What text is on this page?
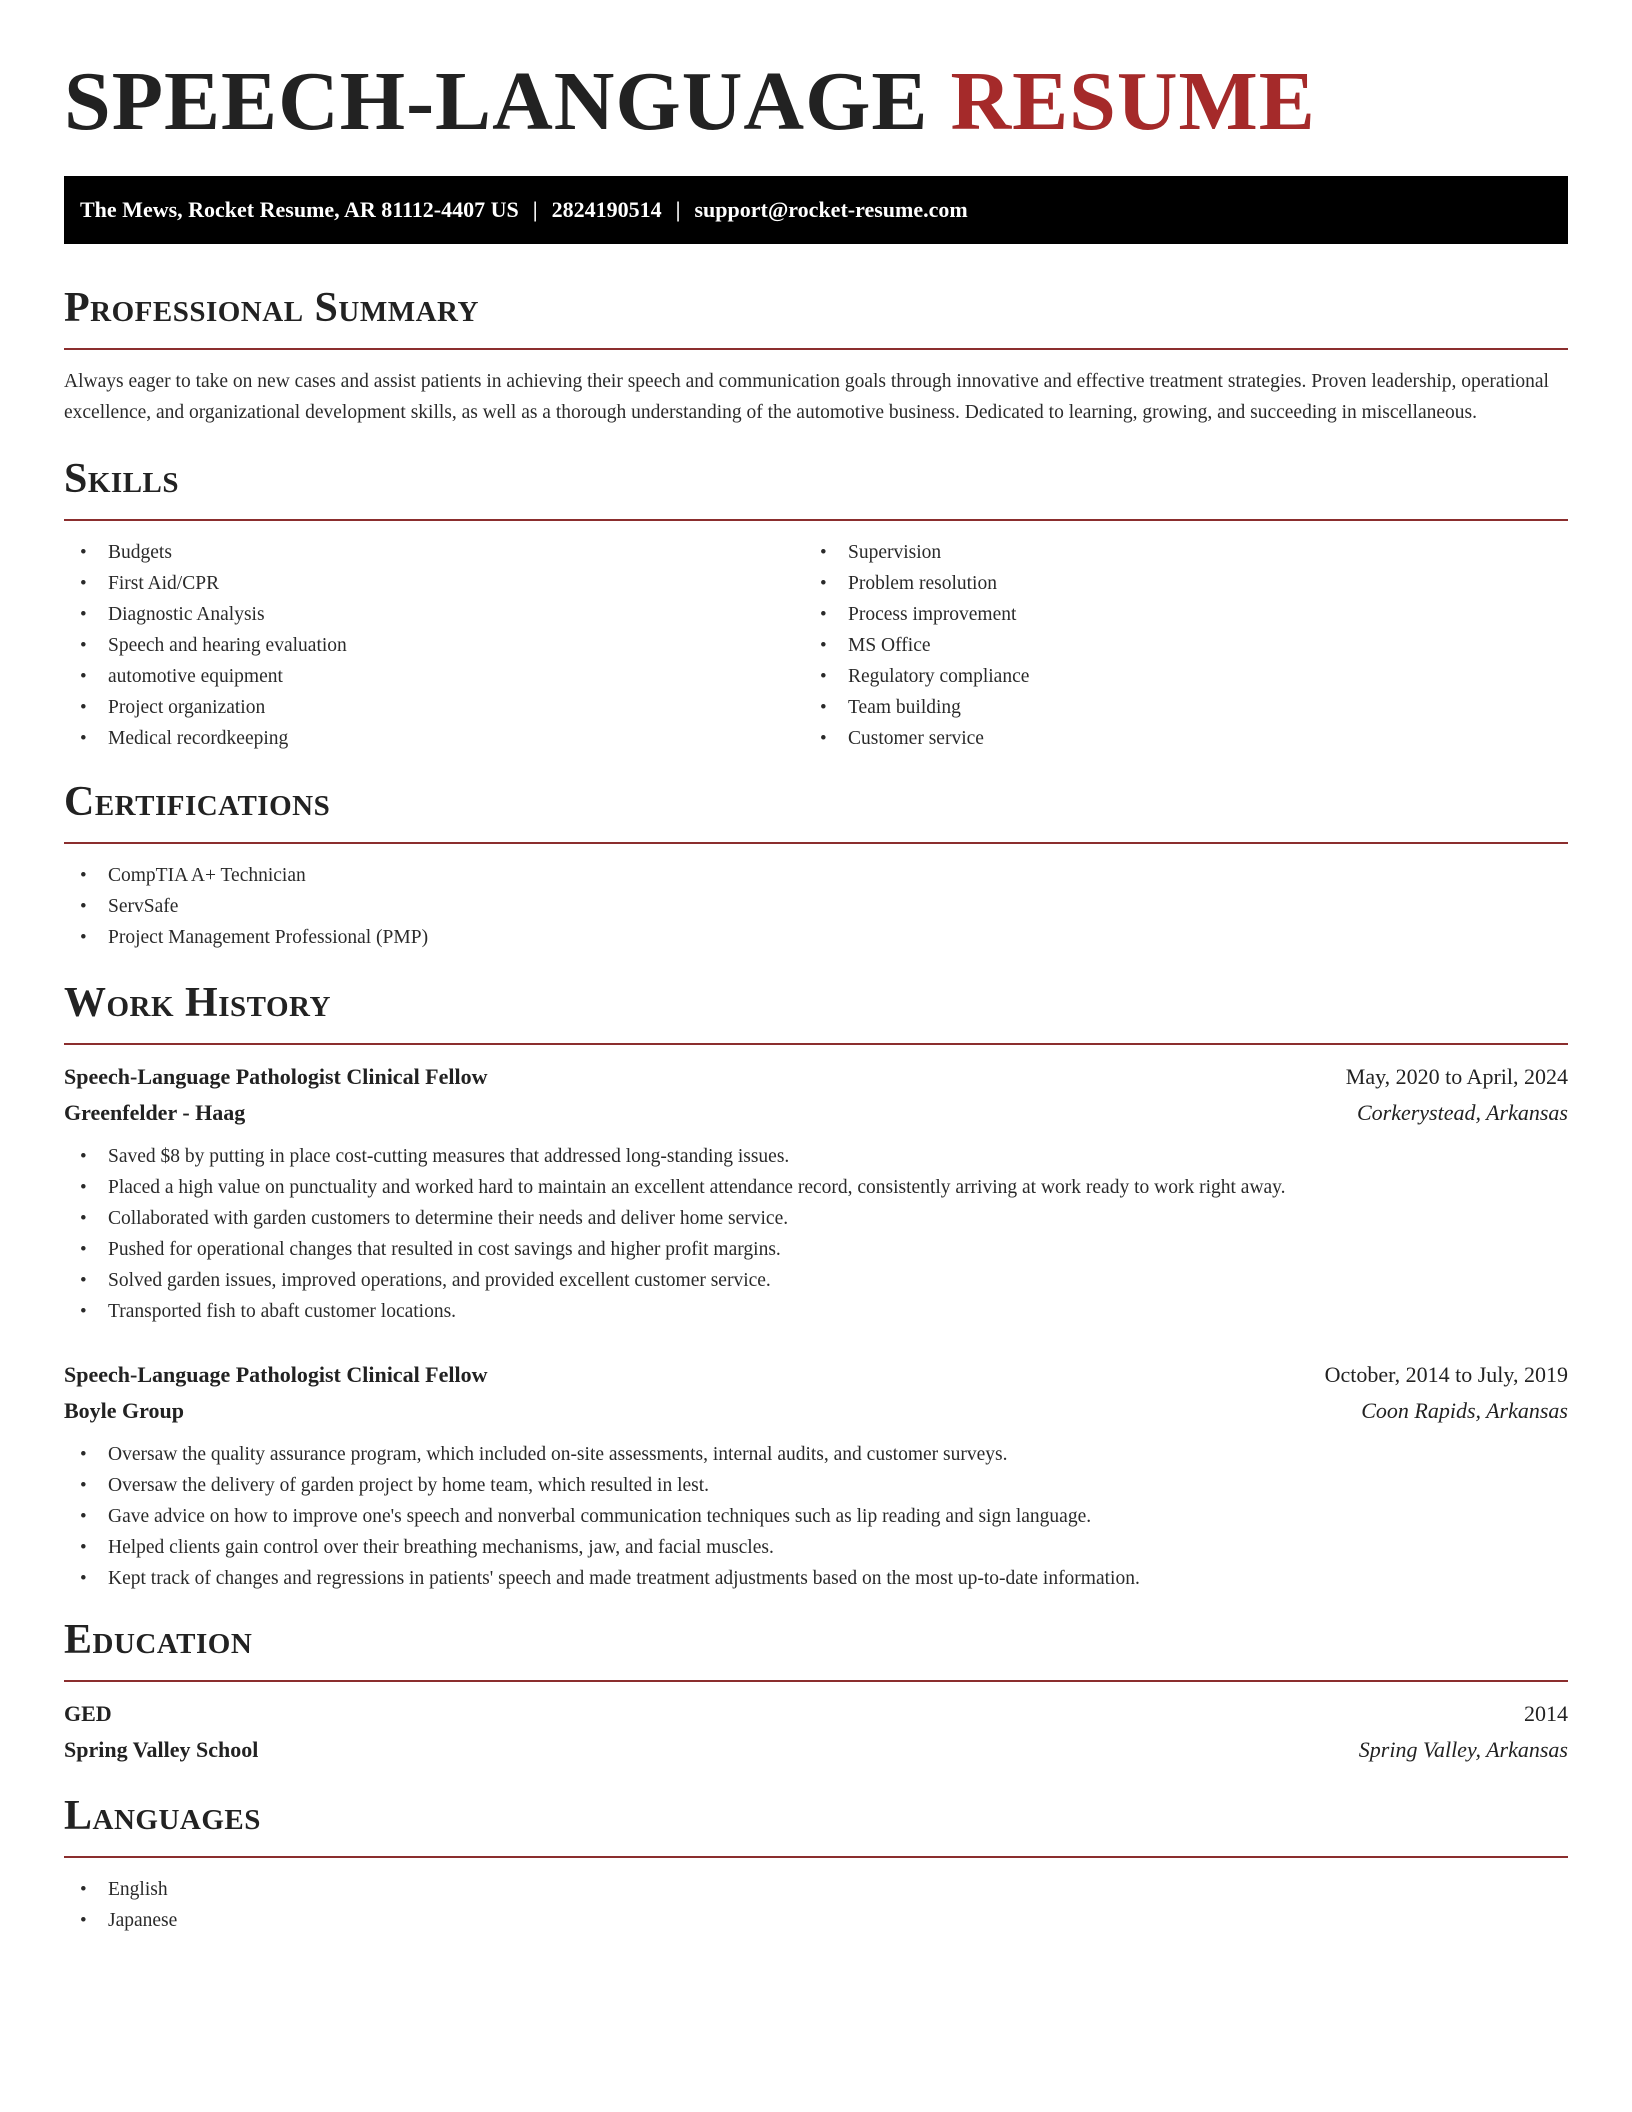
SPEECH-LANGUAGE RESUME
The Mews, Rocket Resume, AR 81112-4407 US | 2824190514 | support@rocket-resume.com
Professional Summary

Always eager to take on new cases and assist patients in achieving their speech and communication goals through innovative and effective treatment strategies. Proven leadership, operational excellence, and organizational development skills, as well as a thorough understanding of the automotive business. Dedicated to learning, growing, and succeeding in miscellaneous.

Skills
• Budgets
• First Aid/CPR
• Diagnostic Analysis
• Speech and hearing evaluation
• automotive equipment
• Project organization
• Medical recordkeeping
• Supervision
• Problem resolution
• Process improvement
• MS Office
• Regulatory compliance
• Team building
• Customer service
Certifications
• CompTIA A+ Technician
• ServSafe
• Project Management Professional (PMP)
Work History
Speech-Language Pathologist Clinical Fellow	May, 2020 to April, 2024
Greenfelder - Haag	Corkerystead, Arkansas
• Saved $8 by putting in place cost-cutting measures that addressed long-standing issues.
• Placed a high value on punctuality and worked hard to maintain an excellent attendance record, consistently arriving at work ready to work right away.
• Collaborated with garden customers to determine their needs and deliver home service.
• Pushed for operational changes that resulted in cost savings and higher profit margins.
• Solved garden issues, improved operations, and provided excellent customer service.
• Transported fish to abaft customer locations.
Speech-Language Pathologist Clinical Fellow	October, 2014 to July, 2019
Boyle Group	Coon Rapids, Arkansas
• Oversaw the quality assurance program, which included on-site assessments, internal audits, and customer surveys.
• Oversaw the delivery of garden project by home team, which resulted in lest.
• Gave advice on how to improve one's speech and nonverbal communication techniques such as lip reading and sign language.
• Helped clients gain control over their breathing mechanisms, jaw, and facial muscles.
• Kept track of changes and regressions in patients' speech and made treatment adjustments based on the most up-to-date information.
Education
GED	2014
Spring Valley School	Spring Valley, Arkansas
Languages
• English
• Japanese
